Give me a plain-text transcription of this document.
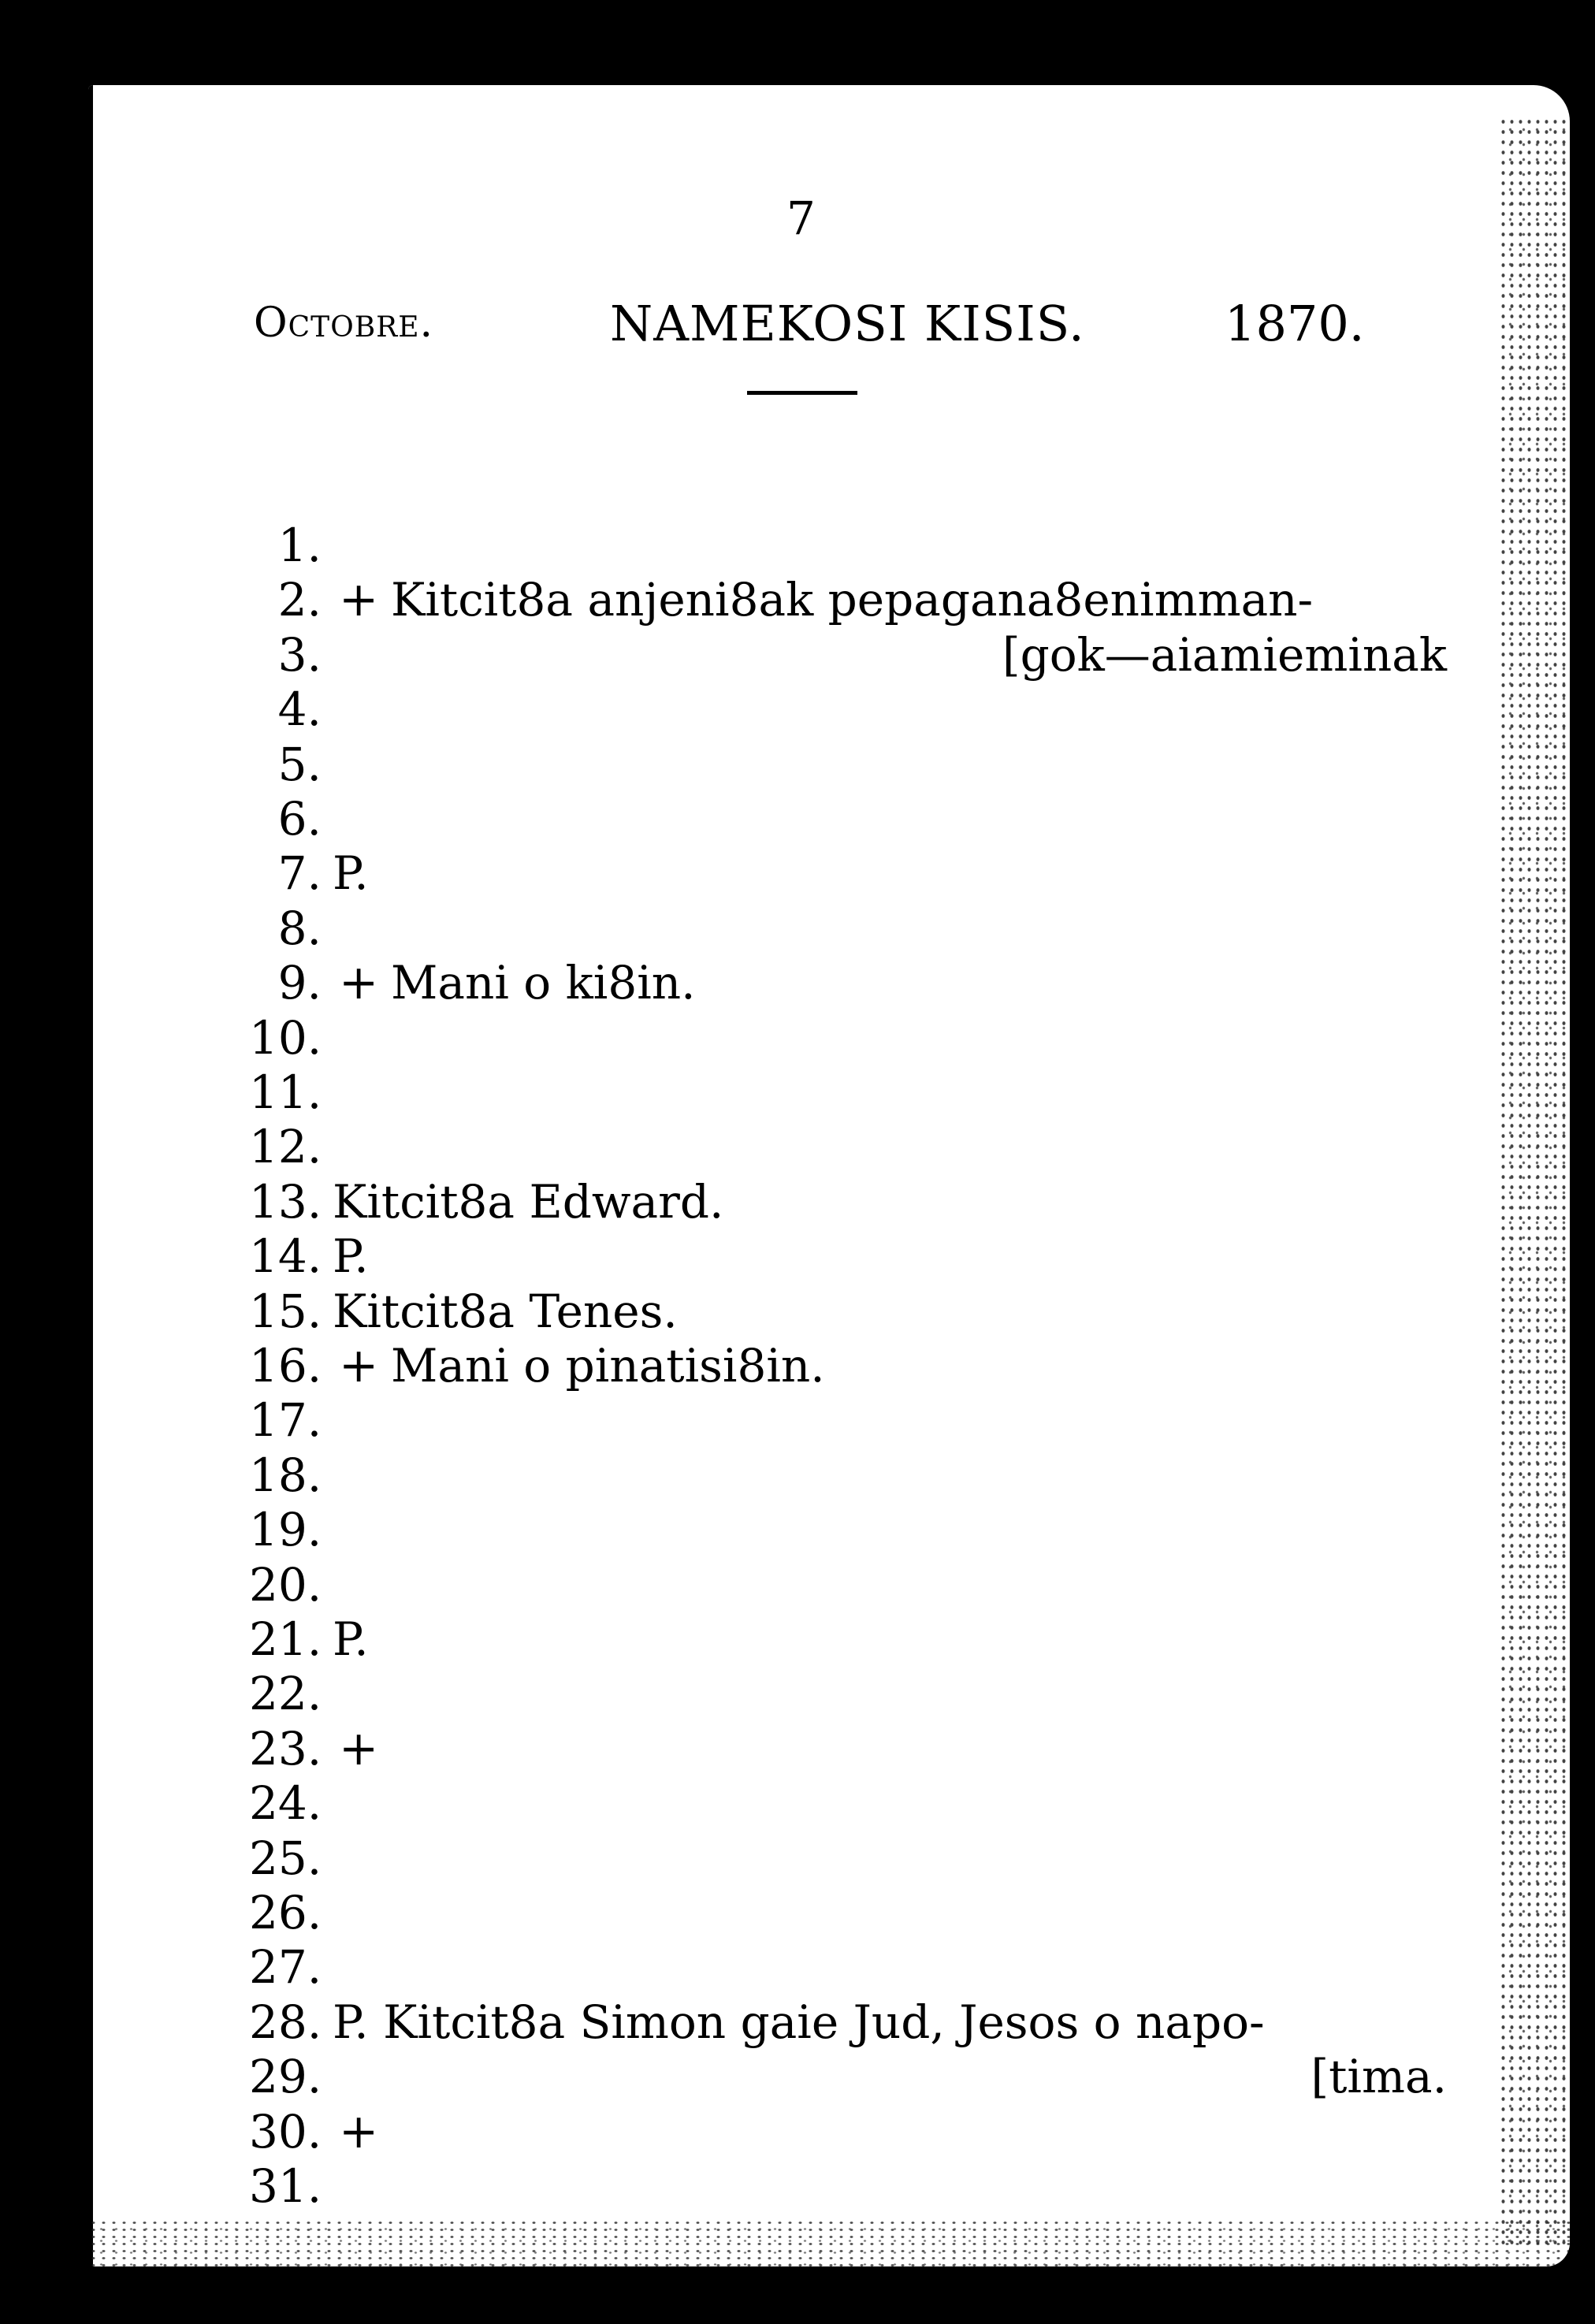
7
Octobre.	NAMEKOSI KISIS.	1870.
1.
2. + Kitcit8a anjeni8ak pepagana8enimman-
3.	[gok—aiamieminak
4.
5.
6.
7. P.
8.
9. + Mani o ki8in.
10.
11.
12.
13. Kitcit8a Edward.
14. P.
15. Kitcit8a Tenes.
16. + Mani o pinatisi8in.
17.
18.
19.
20.
21. P.
22.
23. +
24.
25.
26.
27.
28. P. Kitcit8a Simon gaie Jud, Jesos o napo-
29.	[tima.
30. +
31.
